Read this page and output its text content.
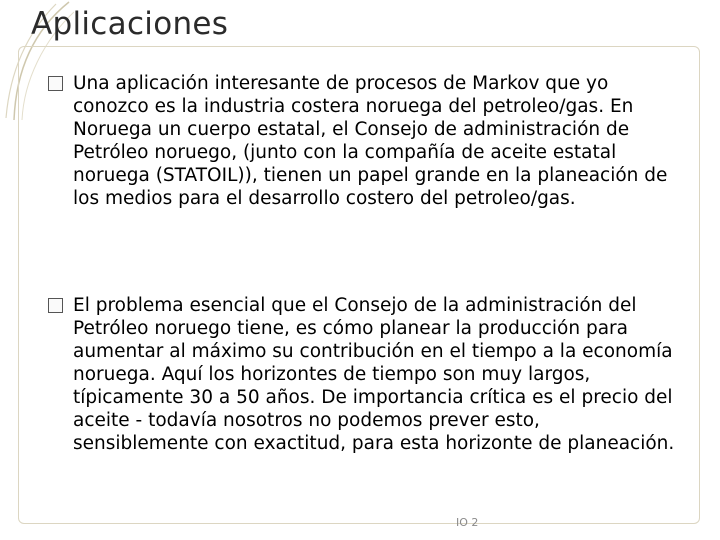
Aplicaciones
Una aplicación interesante de procesos de Markov que yo conozco es la industria costera noruega del petroleo/gas. En Noruega un cuerpo estatal, el Consejo de administración de Petróleo noruego, (junto con la compañía de aceite estatal noruega (STATOIL)), tienen un papel grande en la planeación de los medios para el desarrollo costero del petroleo/gas.
El problema esencial que el Consejo de la administración del Petróleo noruego tiene, es cómo planear la producción para aumentar al máximo su contribución en el tiempo a la economía noruega. Aquí los horizontes de tiempo son muy largos, típicamente 30 a 50 años. De importancia crítica es el precio del aceite - todavía nosotros no podemos prever esto, sensiblemente con exactitud, para esta horizonte de planeación.
IO 2
